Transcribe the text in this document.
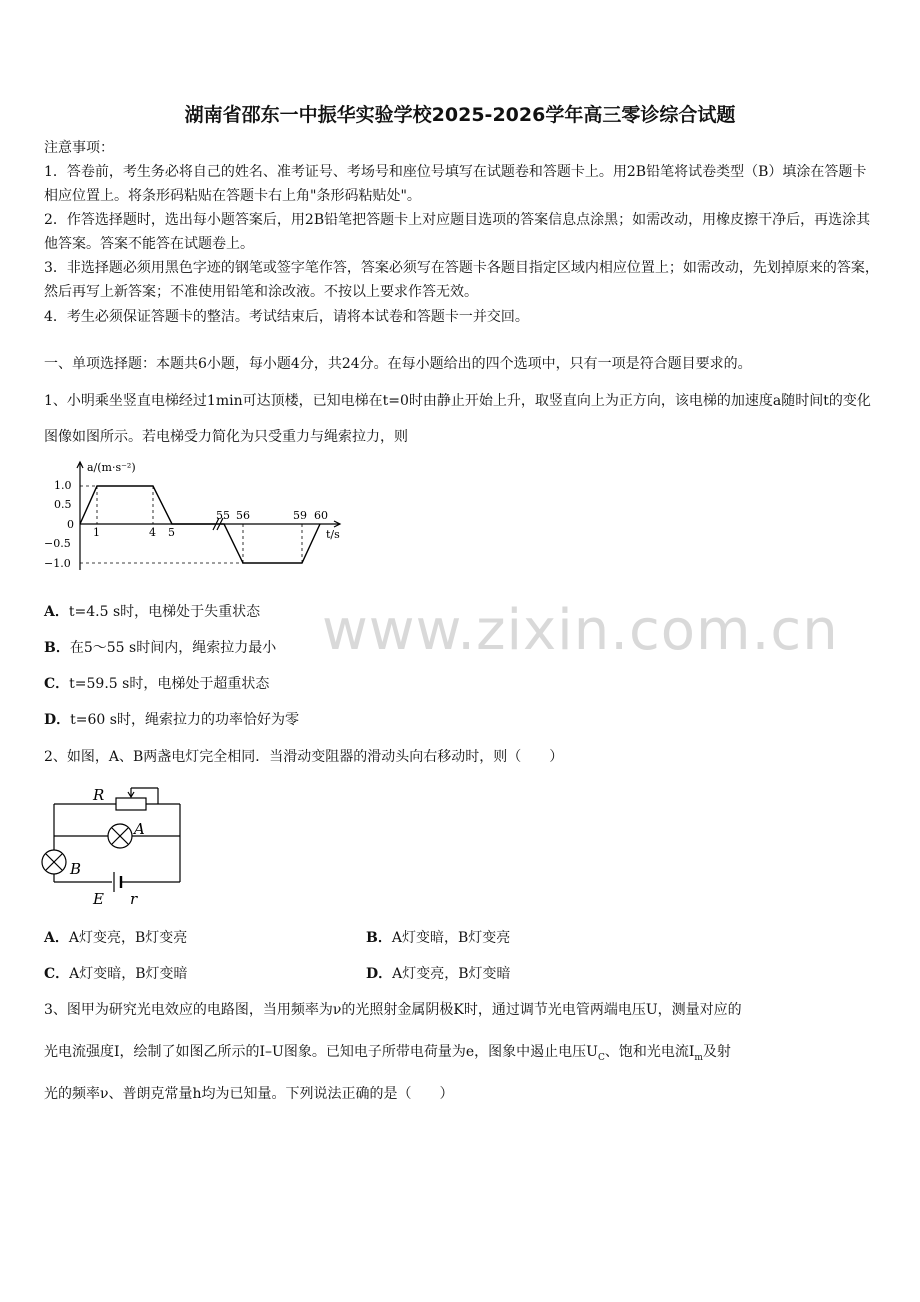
湖南省邵东一中振华实验学校2025-2026学年高三零诊综合试题
注意事项：
1．答卷前，考生务必将自己的姓名、准考证号、考场号和座位号填写在试题卷和答题卡上。用2B铅笔将试卷类型（B）填涂在答题卡相应位置上。将条形码粘贴在答题卡右上角"条形码粘贴处"。
2．作答选择题时，选出每小题答案后，用2B铅笔把答题卡上对应题目选项的答案信息点涂黑；如需改动，用橡皮擦干净后，再选涂其他答案。答案不能答在试题卷上。
3．非选择题必须用黑色字迹的钢笔或签字笔作答，答案必须写在答题卡各题目指定区域内相应位置上；如需改动，先划掉原来的答案，然后再写上新答案；不准使用铅笔和涂改液。不按以上要求作答无效。
4．考生必须保证答题卡的整洁。考试结束后，请将本试卷和答题卡一并交回。
一、单项选择题：本题共6小题，每小题4分，共24分。在每小题给出的四个选项中，只有一项是符合题目要求的。
1、小明乘坐竖直电梯经过1min可达顶楼，已知电梯在t=0时由静止开始上升，取竖直向上为正方向，该电梯的加速度a随时间t的变化图像如图所示。若电梯受力简化为只受重力与绳索拉力，则
a/(m·s⁻²)
t/s
1.0
0.5
0
−0.5
−1.0
1	4 5
55 56	59 60
A．t=4.5 s时，电梯处于失重状态
B．在5～55 s时间内，绳索拉力最小
C．t=59.5 s时，电梯处于超重状态
D．t=60 s时，绳索拉力的功率恰好为零
2、如图，A、B两盏电灯完全相同．当滑动变阻器的滑动头向右移动时，则（　　）
R
A
B
E r
A．A灯变亮，B灯变亮	B．A灯变暗，B灯变亮
C．A灯变暗，B灯变暗	D．A灯变亮，B灯变暗
3、图甲为研究光电效应的电路图，当用频率为ν的光照射金属阴极K时，通过调节光电管两端电压U，测量对应的
光电流强度I，绘制了如图乙所示的I–U图象。已知电子所带电荷量为e，图象中遏止电压$U_C$、饱和光电流$I_m$及射
光的频率ν、普朗克常量h均为已知量。下列说法正确的是（　　）
www.zixin.com.cn
